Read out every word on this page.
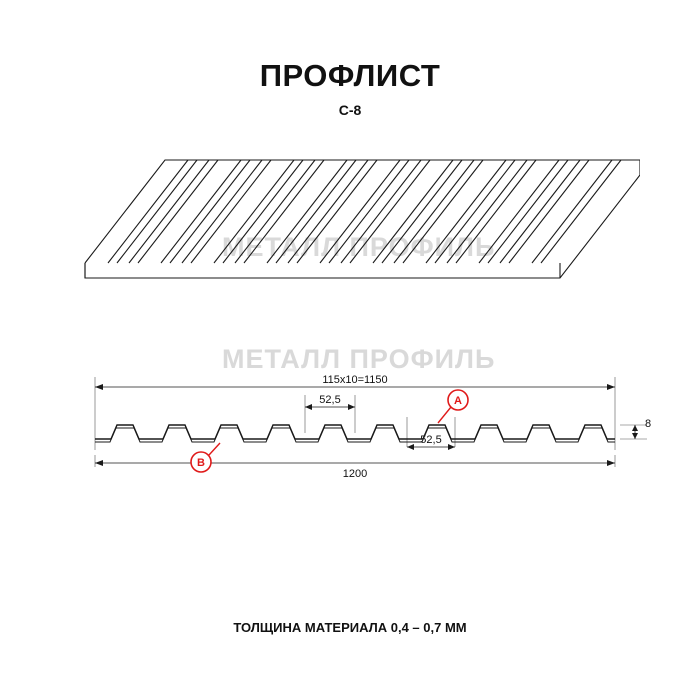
ПРОФЛИСТ
С-8
МЕТАЛЛ ПРОФИЛЬ
МЕТАЛЛ ПРОФИЛЬ
115x10=1150
52,5
52,5
1200
8
A
B
ТОЛЩИНА МАТЕРИАЛА 0,4 – 0,7 ММ
